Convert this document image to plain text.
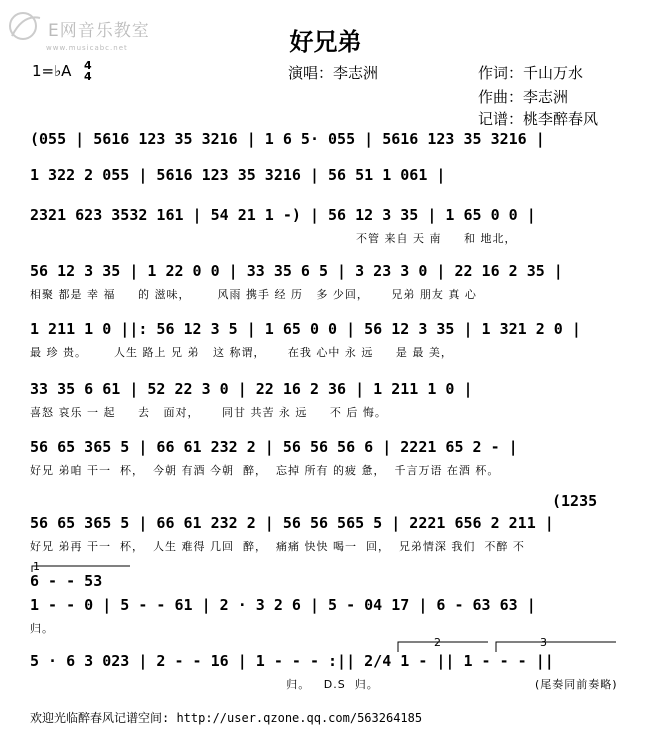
E网音乐教室
www.musicabc.net	好兄弟
1=♭A 4
4	演唱：李志洲	作词：千山万水
作曲：李志洲
记谱：桃李醉春风
(055 | 5616 123 35 3216 | 1 6 5· 055 | 5616 123 35 3216 |
1 322 2 055 | 5616 123 35 3216 | 56 51 1 061 |
2321 623 3532 161 | 54 21 1 -) | 56 12 3 35 | 1 65 0 0 |
不管 来自 天 南     和 地北，
56 12 3 35 | 1 22 0 0 | 33 35 6 5 | 3 23 3 0 | 22 16 2 35 |
相聚 都是 幸 福     的 滋味，      风雨 携手 经 历   多 少回，     兄弟 朋友 真 心
1 211 1 0 ||: 56 12 3 5 | 1 65 0 0 | 56 12 3 35 | 1 321 2 0 |
最 珍 贵。      人生 路上 兄 弟   这 称谓，     在我 心中 永 远     是 最 美，
33 35 6 61 | 52 22 3 0 | 22 16 2 36 | 1 211 1 0 |
喜怒 哀乐 一 起     去   面对，     同甘 共苦 永 远     不 后 悔。
56 65 365 5 | 66 61 232 2 | 56 56 56 6 | 2221 65 2 - |
好兄 弟咱 干一  杯，  今朝 有酒 今朝  醉，  忘掉 所有 的疲 惫，  千言万语 在酒 杯。
(1235
56 65 365 5 | 66 61 232 2 | 56 56 565 5 | 2221 656 2 211 |
好兄 弟再 干一  杯，  人生 难得 几回  醉，  痛痛 快快 喝一  回，  兄弟情深 我们  不醉 不
1
6 - - 53
1 - - 0 | 5 - - 61 | 2 · 3 2 6 | 5 - 04 17 | 6 - 63 63 |
归。
2	3
5 · 6 3 023 | 2 - - 16 | 1 - - - :|| 2/4 1 - || 1 - - - ||
归。   D.S  归。	(尾奏同前奏略)
欢迎光临醉春风记谱空间: http://user.qzone.qq.com/563264185
